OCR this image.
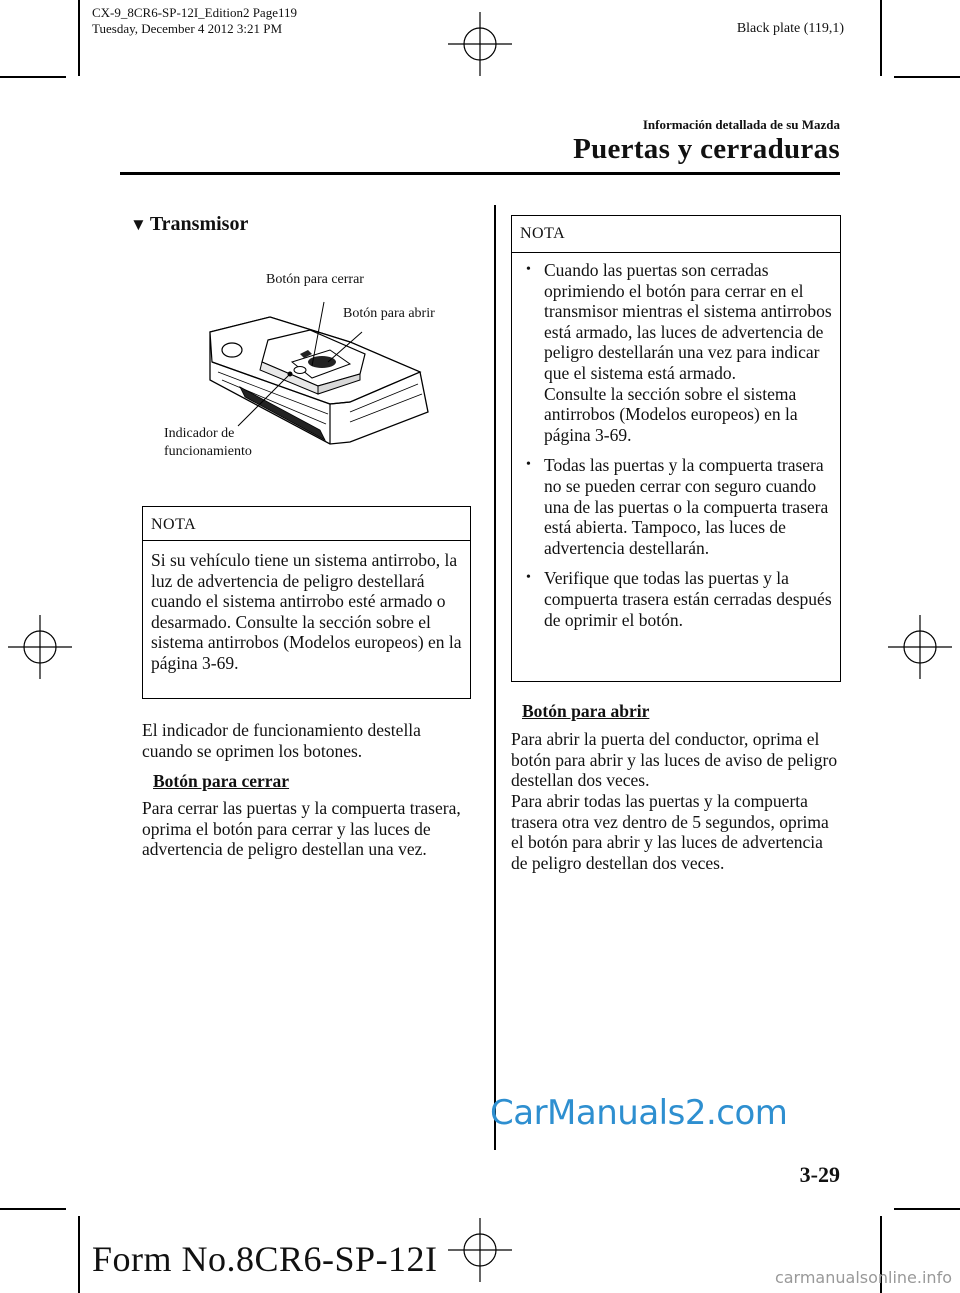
CX-9_8CR6-SP-12I_Edition2 Page119
Tuesday, December 4 2012 3:21 PM	Black plate (119,1)
Información detallada de su Mazda
Puertas y cerraduras
▼ Transmisor
Botón para cerrar
Botón para abrir
Indicador de
funcionamiento
NOTA
Si su vehículo tiene un sistema antirrobo, la luz de advertencia de peligro destellará cuando el sistema antirrobo esté armado o desarmado. Consulte la sección sobre el sistema antirrobos (Modelos europeos) en la página 3-69.
El indicador de funcionamiento destella cuando se oprimen los botones.
Botón para cerrar
Para cerrar las puertas y la compuerta trasera, oprima el botón para cerrar y las luces de advertencia de peligro destellan una vez.
NOTA
• Cuando las puertas son cerradas oprimiendo el botón para cerrar en el transmisor mientras el sistema antirrobos está armado, las luces de advertencia de peligro destellarán una vez para indicar que el sistema está armado.
Consulte la sección sobre el sistema antirrobos (Modelos europeos) en la página 3-69.
• Todas las puertas y la compuerta trasera no se pueden cerrar con seguro cuando una de las puertas o la compuerta trasera está abierta. Tampoco, las luces de advertencia destellarán.
• Verifique que todas las puertas y la compuerta trasera están cerradas después de oprimir el botón.
Botón para abrir
Para abrir la puerta del conductor, oprima el botón para abrir y las luces de aviso de peligro destellan dos veces.
Para abrir todas las puertas y la compuerta trasera otra vez dentro de 5 segundos, oprima el botón para abrir y las luces de advertencia de peligro destellan dos veces.
CarManuals2.com
3-29
Form No.8CR6-SP-12I	carmanualsonline.info
